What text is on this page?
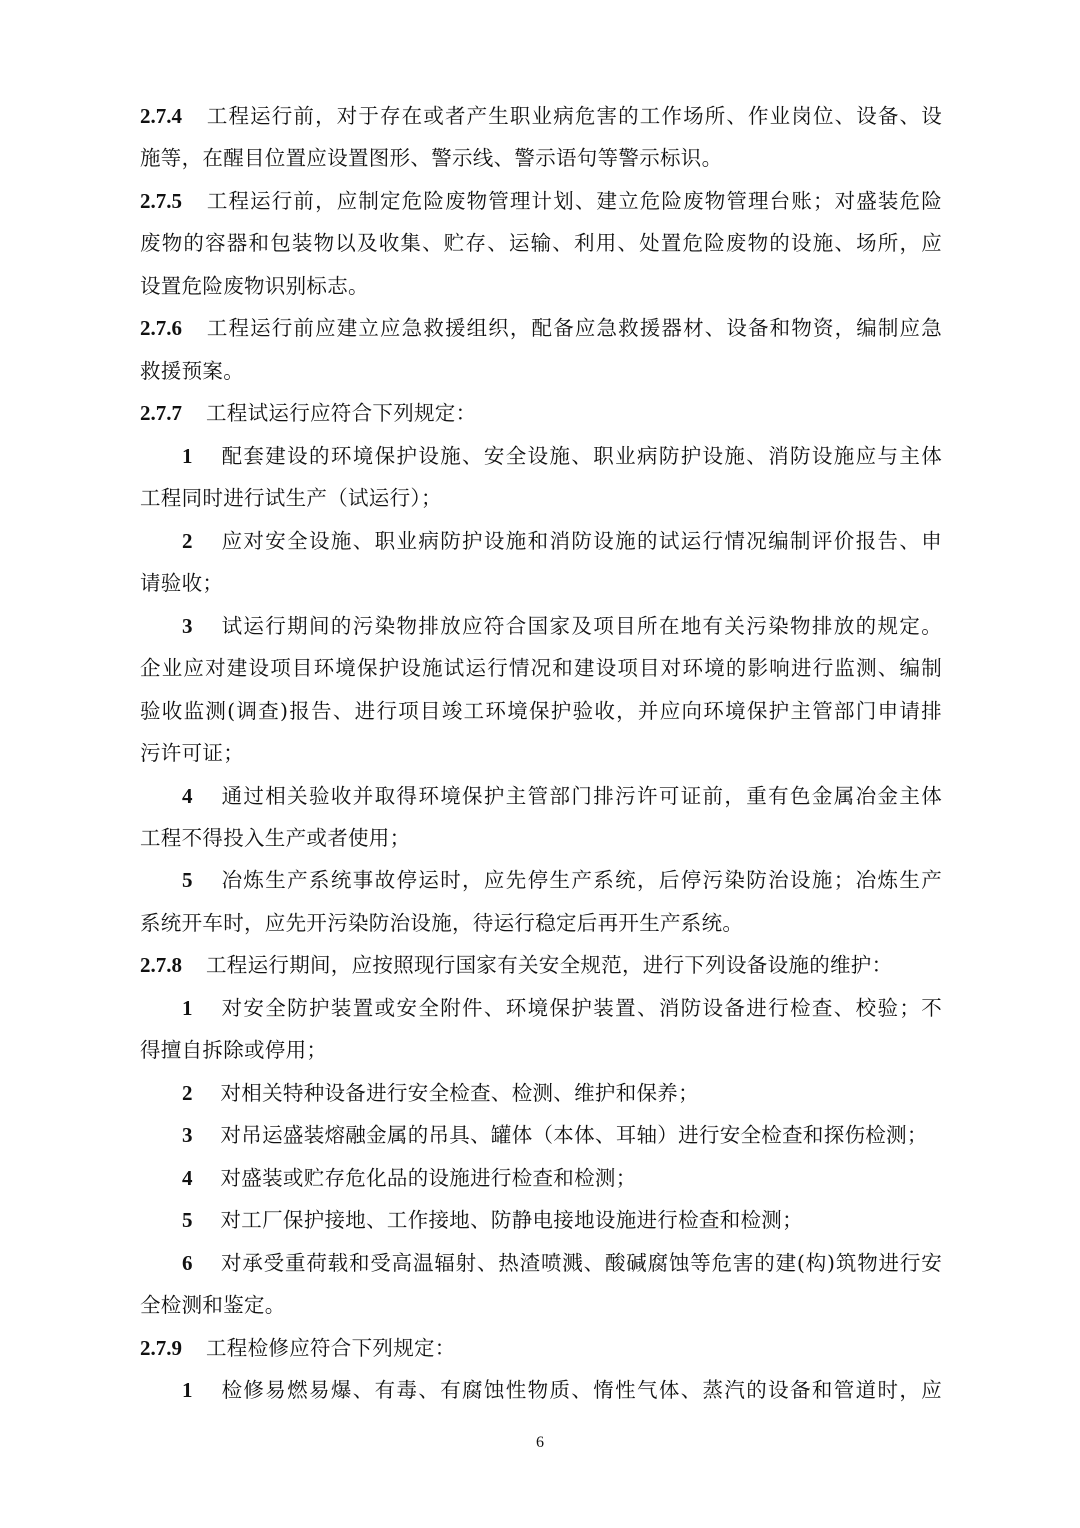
2.7.4 工程运行前，对于存在或者产生职业病危害的工作场所、作业岗位、设备、设
施等，在醒目位置应设置图形、警示线、警示语句等警示标识。
2.7.5 工程运行前，应制定危险废物管理计划、建立危险废物管理台账；对盛装危险
废物的容器和包装物以及收集、贮存、运输、利用、处置危险废物的设施、场所，应
设置危险废物识别标志。
2.7.6 工程运行前应建立应急救援组织，配备应急救援器材、设备和物资，编制应急
救援预案。
2.7.7 工程试运行应符合下列规定：
1 配套建设的环境保护设施、安全设施、职业病防护设施、消防设施应与主体
工程同时进行试生产（试运行）；
2 应对安全设施、职业病防护设施和消防设施的试运行情况编制评价报告、申
请验收；
3 试运行期间的污染物排放应符合国家及项目所在地有关污染物排放的规定。
企业应对建设项目环境保护设施试运行情况和建设项目对环境的影响进行监测、编制
验收监测(调查)报告、进行项目竣工环境保护验收，并应向环境保护主管部门申请排
污许可证；
4 通过相关验收并取得环境保护主管部门排污许可证前，重有色金属冶金主体
工程不得投入生产或者使用；
5 冶炼生产系统事故停运时，应先停生产系统，后停污染防治设施；冶炼生产
系统开车时，应先开污染防治设施，待运行稳定后再开生产系统。
2.7.8 工程运行期间，应按照现行国家有关安全规范，进行下列设备设施的维护：
1 对安全防护装置或安全附件、环境保护装置、消防设备进行检查、校验；不
得擅自拆除或停用；
2 对相关特种设备进行安全检查、检测、维护和保养；
3 对吊运盛装熔融金属的吊具、罐体（本体、耳轴）进行安全检查和探伤检测；
4 对盛装或贮存危化品的设施进行检查和检测；
5 对工厂保护接地、工作接地、防静电接地设施进行检查和检测；
6 对承受重荷载和受高温辐射、热渣喷溅、酸碱腐蚀等危害的建(构)筑物进行安
全检测和鉴定。
2.7.9 工程检修应符合下列规定：
1 检修易燃易爆、有毒、有腐蚀性物质、惰性气体、蒸汽的设备和管道时，应
6
